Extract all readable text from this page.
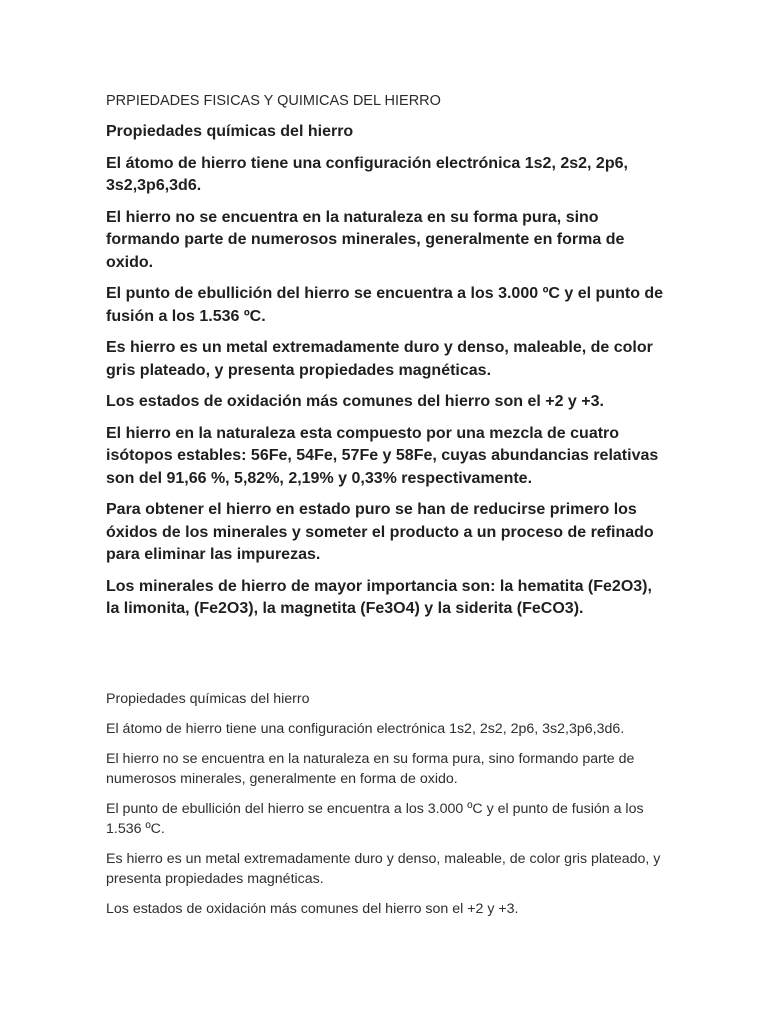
PRPIEDADES FISICAS Y QUIMICAS DEL HIERRO

Propiedades químicas del hierro

El átomo de hierro tiene una configuración electrónica 1s2, 2s2, 2p6, 3s2,3p6,3d6.

El hierro no se encuentra en la naturaleza en su forma pura, sino formando parte de numerosos minerales, generalmente en forma de oxido.

El punto de ebullición del hierro se encuentra a los 3.000 ºC y el punto de fusión a los 1.536 ºC.

Es hierro es un metal extremadamente duro y denso, maleable, de color gris plateado, y presenta propiedades magnéticas.

Los estados de oxidación más comunes del hierro son el +2 y +3.

El hierro en la naturaleza esta compuesto por una mezcla de cuatro isótopos estables: 56Fe, 54Fe, 57Fe y 58Fe, cuyas abundancias relativas son del 91,66 %, 5,82%, 2,19% y 0,33% respectivamente.

Para obtener el hierro en estado puro se han de reducirse primero los óxidos de los minerales y someter el producto a un proceso de refinado para eliminar las impurezas.

Los minerales de hierro de mayor importancia son: la hematita (Fe2O3), la limonita, (Fe2O3), la magnetita (Fe3O4) y la siderita (FeCO3).

Propiedades químicas del hierro

El átomo de hierro tiene una configuración electrónica 1s2, 2s2, 2p6, 3s2,3p6,3d6.

El hierro no se encuentra en la naturaleza en su forma pura, sino formando parte de numerosos minerales, generalmente en forma de oxido.

El punto de ebullición del hierro se encuentra a los 3.000 ºC y el punto de fusión a los 1.536 ºC.

Es hierro es un metal extremadamente duro y denso, maleable, de color gris plateado, y presenta propiedades magnéticas.

Los estados de oxidación más comunes del hierro son el +2 y +3.
